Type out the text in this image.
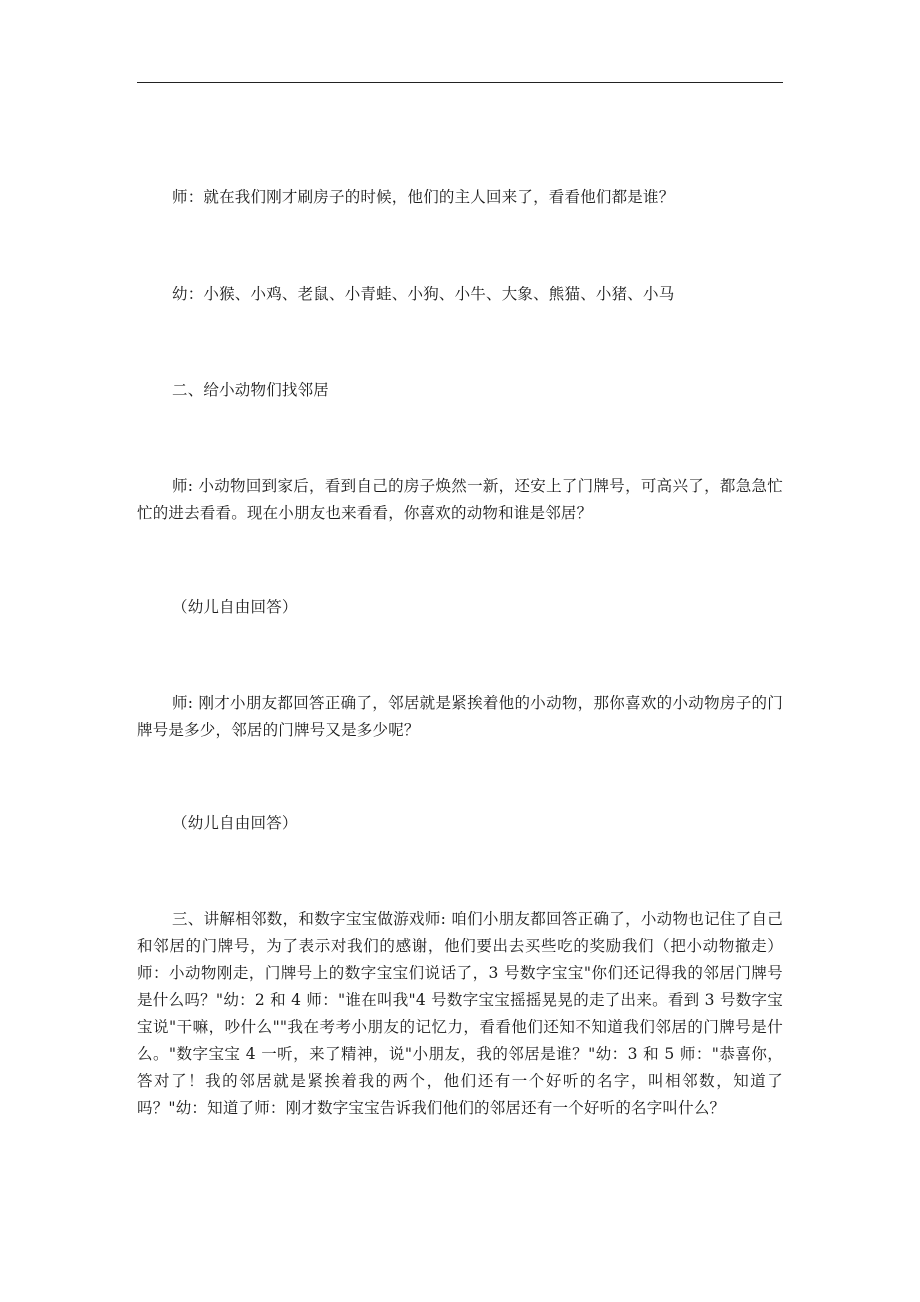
师：就在我们刚才刷房子的时候，他们的主人回来了，看看他们都是谁？

幼：小猴、小鸡、老鼠、小青蛙、小狗、小牛、大象、熊猫、小猪、小马

二、给小动物们找邻居

师: 小动物回到家后，看到自己的房子焕然一新，还安上了门牌号，可高兴了，都急急忙忙的进去看看。现在小朋友也来看看，你喜欢的动物和谁是邻居？

（幼儿自由回答）

师: 刚才小朋友都回答正确了，邻居就是紧挨着他的小动物，那你喜欢的小动物房子的门牌号是多少，邻居的门牌号又是多少呢？

（幼儿自由回答）

三、讲解相邻数，和数字宝宝做游戏师: 咱们小朋友都回答正确了，小动物也记住了自己和邻居的门牌号，为了表示对我们的感谢，他们要出去买些吃的奖励我们（把小动物撤走）师：小动物刚走，门牌号上的数字宝宝们说话了，3 号数字宝宝"你们还记得我的邻居门牌号是什么吗？"幼：2 和 4 师："谁在叫我"4 号数字宝宝摇摇晃晃的走了出来。看到 3 号数字宝宝说"干嘛，吵什么""我在考考小朋友的记忆力，看看他们还知不知道我们邻居的门牌号是什么。"数字宝宝 4 一听，来了精神，说"小朋友，我的邻居是谁？"幼：3 和 5 师："恭喜你，答对了！我的邻居就是紧挨着我的两个，他们还有一个好听的名字，叫相邻数，知道了吗？"幼：知道了师：刚才数字宝宝告诉我们他们的邻居还有一个好听的名字叫什么？
